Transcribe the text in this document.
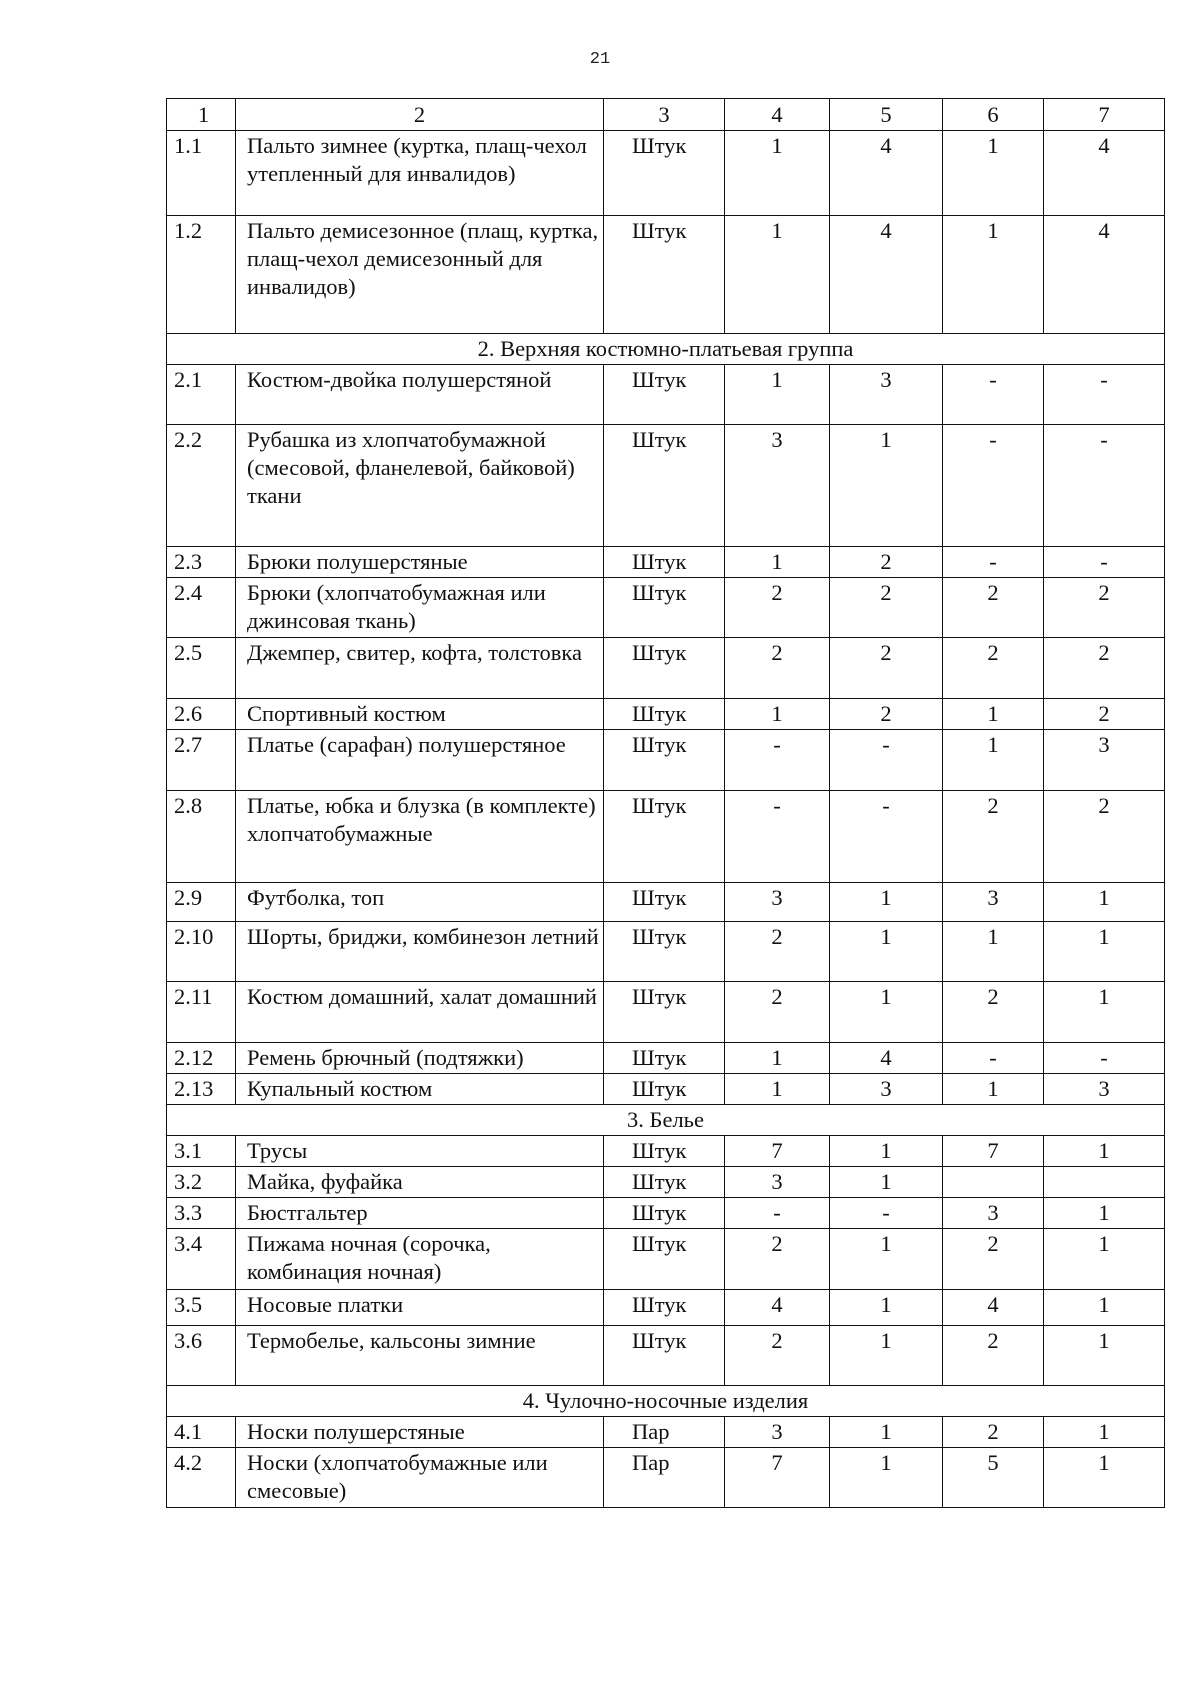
21
1	2	3	4	5	6	7
1.1	Пальто зимнее (куртка, плащ-чехол утепленный для инвалидов)	Штук	1	4	1	4
1.2	Пальто демисезонное (плащ, куртка, плащ-чехол демисезонный для инвалидов)	Штук	1	4	1	4
2. Верхняя костюмно-платьевая группа						
2.1	Костюм-двойка полушерстяной	Штук	1	3	-	-
2.2	Рубашка из хлопчатобумажной (смесовой, фланелевой, байковой) ткани	Штук	3	1	-	-
2.3	Брюки полушерстяные	Штук	1	2	-	-
2.4	Брюки (хлопчатобумажная или джинсовая ткань)	Штук	2	2	2	2
2.5	Джемпер, свитер, кофта, толстовка	Штук	2	2	2	2
2.6	Спортивный костюм	Штук	1	2	1	2
2.7	Платье (сарафан) полушерстяное	Штук	-	-	1	3
2.8	Платье, юбка и блузка (в комплекте) хлопчатобумажные	Штук	-	-	2	2
2.9	Футболка, топ	Штук	3	1	3	1
2.10	Шорты, бриджи, комбинезон летний	Штук	2	1	1	1
2.11	Костюм домашний, халат домашний	Штук	2	1	2	1
2.12	Ремень брючный (подтяжки)	Штук	1	4	-	-
2.13	Купальный костюм	Штук	1	3	1	3
3. Белье						
3.1	Трусы	Штук	7	1	7	1
3.2	Майка, фуфайка	Штук	3	1		
3.3	Бюстгальтер	Штук	-	-	3	1
3.4	Пижама ночная (сорочка, комбинация ночная)	Штук	2	1	2	1
3.5	Носовые платки	Штук	4	1	4	1
3.6	Термобелье, кальсоны зимние	Штук	2	1	2	1
4. Чулочно-носочные изделия						
4.1	Носки полушерстяные	Пар	3	1	2	1
4.2	Носки (хлопчатобумажные или смесовые)	Пар	7	1	5	1
